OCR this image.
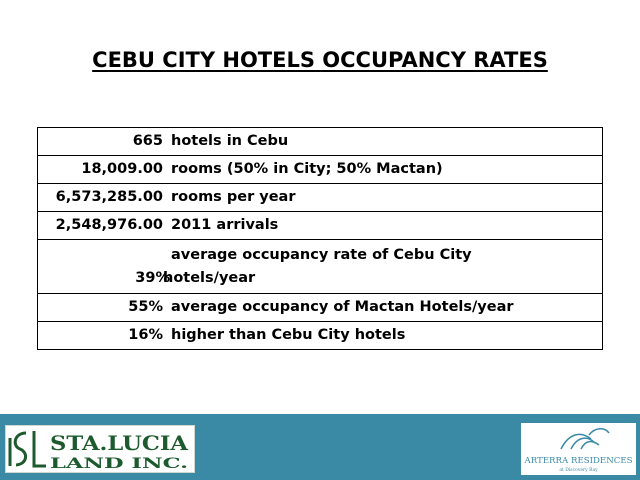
CEBU CITY HOTELS OCCUPANCY RATES
665	hotels in Cebu
18,009.00	rooms (50% in City; 50% Mactan)
6,573,285.00	rooms per year
2,548,976.00	2011 arrivals
39%	average occupancy rate of Cebu City
hotels/year

55%	average occupancy of Mactan Hotels/year
16%	higher than Cebu City hotels
STA.LUCIA
LAND INC.	ARTERRA RESIDENCES
at Discovery Bay
